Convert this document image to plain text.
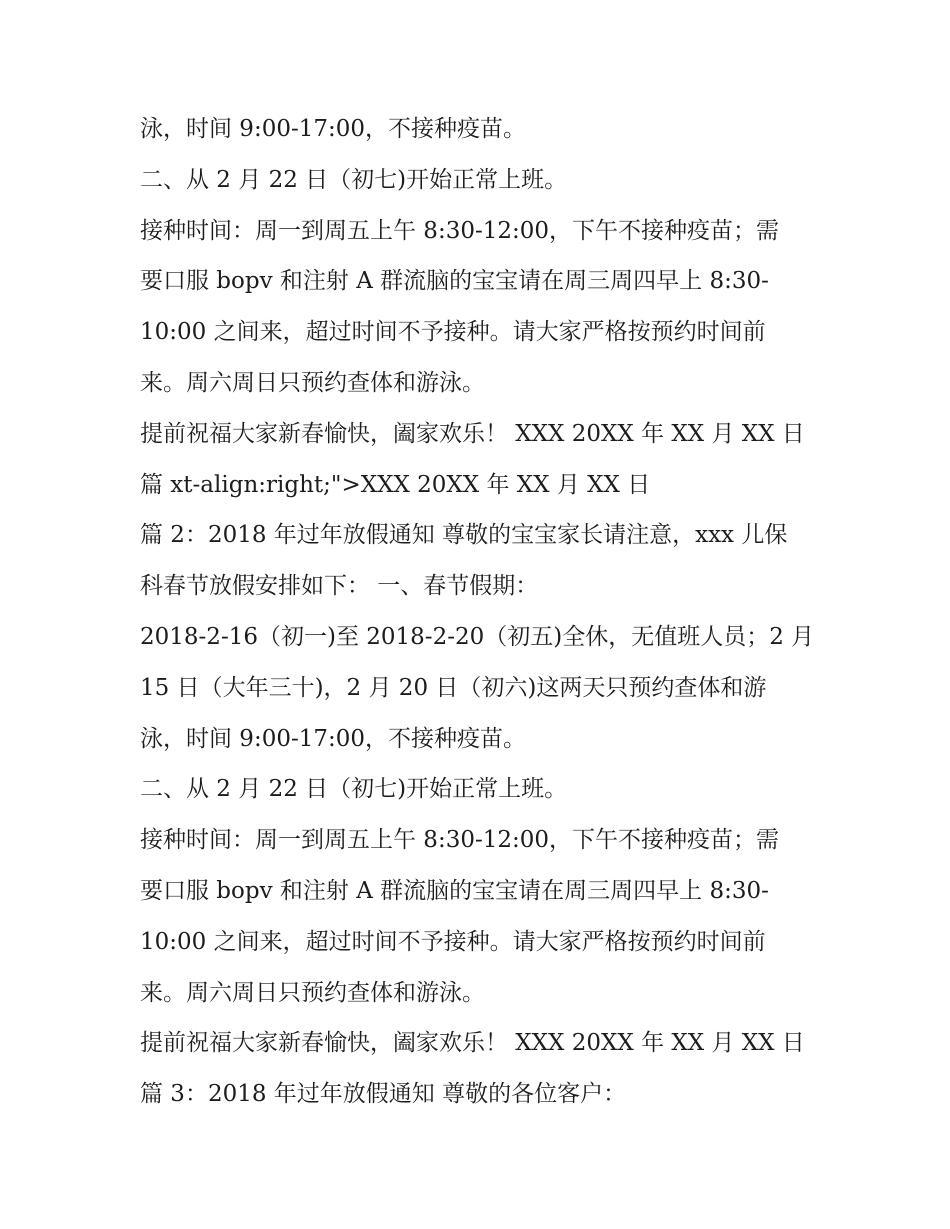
泳，时间 9:00-17:00，不接种疫苗。
二、从 2 月 22 日（初七)开始正常上班。
接种时间：周一到周五上午 8:30-12:00，下午不接种疫苗；需
要口服 bopv 和注射 A 群流脑的宝宝请在周三周四早上 8:30-
10:00 之间来，超过时间不予接种。请大家严格按预约时间前
来。周六周日只预约查体和游泳。
提前祝福大家新春愉快，阖家欢乐！ XXX 20XX 年 XX 月 XX 日
篇 xt-align:right;">XXX 20XX 年 XX 月 XX 日
篇 2：2018 年过年放假通知 尊敬的宝宝家长请注意，xxx 儿保
科春节放假安排如下： 一、春节假期：
2018-2-16（初一)至 2018-2-20（初五)全休，无值班人员；2 月
15 日（大年三十)，2 月 20 日（初六)这两天只预约查体和游
泳，时间 9:00-17:00，不接种疫苗。
二、从 2 月 22 日（初七)开始正常上班。
接种时间：周一到周五上午 8:30-12:00，下午不接种疫苗；需
要口服 bopv 和注射 A 群流脑的宝宝请在周三周四早上 8:30-
10:00 之间来，超过时间不予接种。请大家严格按预约时间前
来。周六周日只预约查体和游泳。
提前祝福大家新春愉快，阖家欢乐！ XXX 20XX 年 XX 月 XX 日
篇 3：2018 年过年放假通知 尊敬的各位客户：
